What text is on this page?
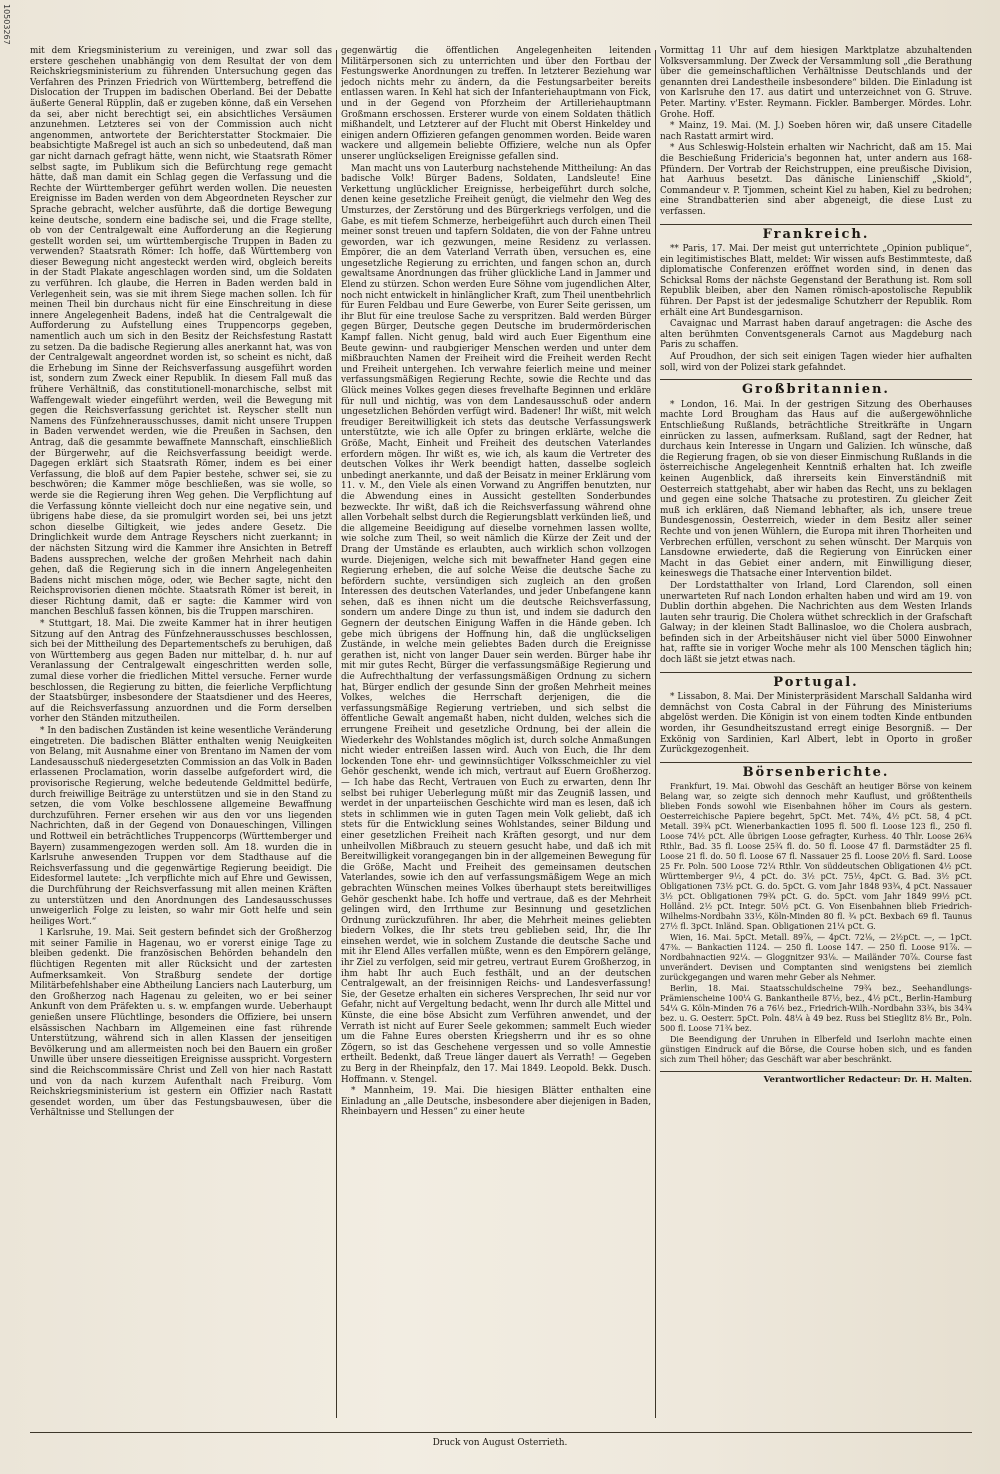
10503267

mit dem Kriegsministerium zu vereinigen, und zwar soll das erstere geschehen unabhängig von dem Resultat der von dem Reichskriegsministerium zu führenden Untersuchung gegen das Verfahren des Prinzen Friedrich von Württemberg, betreffend die Dislocation der Truppen im badischen Oberland. Bei der Debatte äußerte General Rüpplin, daß er zugeben könne, daß ein Versehen da sei, aber nicht berechtigt sei, ein absichtliches Versäumen anzunehmen. Letzteres sei von der Commission auch nicht angenommen, antwortete der Berichterstatter Stockmaier. Die beabsichtigte Maßregel ist auch an sich so unbedeutend, daß man gar nicht darnach gefragt hätte, wenn nicht, wie Staatsrath Römer selbst sagte, im Publikum sich die Befürchtung rege gemacht hätte, daß man damit ein Schlag gegen die Verfassung und die Rechte der Württemberger geführt werden wollen. Die neuesten Ereignisse im Baden werden von dem Abgeordneten Reyscher zur Sprache gebracht, welcher ausführte, daß die dortige Bewegung keine deutsche, sondern eine badische sei, und die Frage stellte, ob von der Centralgewalt eine Aufforderung an die Regierung gestellt worden sei, um württembergische Truppen in Baden zu verwenden? Staatsrath Römer: Ich hoffe, daß Württemberg von dieser Bewegung nicht angesteckt werden wird, obgleich bereits in der Stadt Plakate angeschlagen worden sind, um die Soldaten zu verführen. Ich glaube, die Herren in Baden werden bald in Verlegenheit sein, was sie mit ihrem Siege machen sollen. Ich für meinen Theil bin durchaus nicht für eine Einschreitung in diese innere Angelegenheit Badens, indeß hat die Centralgewalt die Aufforderung zu Aufstellung eines Truppencorps gegeben, namentlich auch um sich in den Besitz der Reichsfestung Rastatt zu setzen. Da die badische Regierung alles anerkannt hat, was von der Centralgewalt angeordnet worden ist, so scheint es nicht, daß die Erhebung im Sinne der Reichsverfassung ausgeführt worden ist, sondern zum Zweck einer Republik. In diesem Fall muß das frühere Verhältniß, das constitutionell-monarchische, selbst mit Waffengewalt wieder eingeführt werden, weil die Bewegung mit gegen die Reichsverfassung gerichtet ist. Reyscher stellt nun Namens des Fünfzehnerausschusses, damit nicht unsere Truppen in Baden verwendet werden, wie die Preußen in Sachsen, den Antrag, daß die gesammte bewaffnete Mannschaft, einschließlich der Bürgerwehr, auf die Reichsverfassung beeidigt werde. Dagegen erklärt sich Staatsrath Römer, indem es bei einer Verfassung, die bloß auf dem Papier bestehe, schwer sei, sie zu beschwören; die Kammer möge beschließen, was sie wolle, so werde sie die Regierung ihren Weg gehen. Die Verpflichtung auf die Verfassung könnte vielleicht doch nur eine negative sein, und übrigens habe diese, da sie promulgirt worden sei, bei uns jetzt schon dieselbe Giltigkeit, wie jedes andere Gesetz. Die Dringlichkeit wurde dem Antrage Reyschers nicht zuerkannt; in der nächsten Sitzung wird die Kammer ihre Ansichten in Betreff Badens aussprechen, welche der großen Mehrheit nach dahin gehen, daß die Regierung sich in die innern Angelegenheiten Badens nicht mischen möge, oder, wie Becher sagte, nicht den Reichsprovisorien dienen möchte. Staatsrath Römer ist bereit, in dieser Richtung damit, daß er sagte: die Kammer wird von manchen Beschluß fassen können, bis die Truppen marschiren.

* Stuttgart, 18. Mai. Die zweite Kammer hat in ihrer heutigen Sitzung auf den Antrag des Fünfzehnerausschusses beschlossen, sich bei der Mittheilung des Departementschefs zu beruhigen, daß von Württemberg aus gegen Baden nur mittelbar, d. h. nur auf Veranlassung der Centralgewalt eingeschritten werden solle, zumal diese vorher die friedlichen Mittel versuche. Ferner wurde beschlossen, die Regierung zu bitten, die feierliche Verpflichtung der Staatsbürger, insbesondere der Staatsdiener und des Heeres, auf die Reichsverfassung anzuordnen und die Form derselben vorher den Ständen mitzutheilen.

* In den badischen Zuständen ist keine wesentliche Veränderung eingetreten. Die badischen Blätter enthalten wenig Neuigkeiten von Belang, mit Ausnahme einer von Brentano im Namen der vom Landesausschuß niedergesetzten Commission an das Volk in Baden erlassenen Proclamation, worin dasselbe aufgefordert wird, die provisorische Regierung, welche bedeutende Geldmittel bedürfe, durch freiwillige Beiträge zu unterstützen und sie in den Stand zu setzen, die vom Volke beschlossene allgemeine Bewaffnung durchzuführen. Ferner ersehen wir aus den vor uns liegenden Nachrichten, daß in der Gegend von Donaueschingen, Villingen und Rottweil ein beträchtliches Truppencorps (Württemberger und Bayern) zusammengezogen werden soll. Am 18. wurden die in Karlsruhe anwesenden Truppen vor dem Stadthause auf die Reichsverfassung und die gegenwärtige Regierung beeidigt. Die Eidesformel lautete: „Ich verpflichte mich auf Ehre und Gewissen, die Durchführung der Reichsverfassung mit allen meinen Kräften zu unterstützen und den Anordnungen des Landesausschusses unweigerlich Folge zu leisten, so wahr mir Gott helfe und sein heiliges Wort.“

l Karlsruhe, 19. Mai. Seit gestern befindet sich der Großherzog mit seiner Familie in Hagenau, wo er vorerst einige Tage zu bleiben gedenkt. Die französischen Behörden behandeln den flüchtigen Regenten mit aller Rücksicht und der zartesten Aufmerksamkeit. Von Straßburg sendete der dortige Militärbefehlshaber eine Abtheilung Lanciers nach Lauterburg, um den Großherzog nach Hagenau zu geleiten, wo er bei seiner Ankunft von dem Präfekten u. s. w. empfangen wurde. Ueberhaupt genießen unsere Flüchtlinge, besonders die Offiziere, bei unsern elsässischen Nachbarn im Allgemeinen eine fast rührende Unterstützung, während sich in allen Klassen der jenseitigen Bevölkerung und am allermeisten noch bei den Bauern ein großer Unwille über unsere diesseitigen Ereignisse ausspricht. Vorgestern sind die Reichscommissäre Christ und Zell von hier nach Rastatt und von da nach kurzem Aufenthalt nach Freiburg. Vom Reichskriegsministerium ist gestern ein Offizier nach Rastatt gesendet worden, um über das Festungsbauwesen, über die Verhältnisse und Stellungen der

gegenwärtig die öffentlichen Angelegenheiten leitenden Militärpersonen sich zu unterrichten und über den Fortbau der Festungswerke Anordnungen zu treffen. In letzterer Beziehung war jedoch nichts mehr zu ändern, da die Festungsarbeiter bereits entlassen waren. In Kehl hat sich der Infanteriehauptmann von Fick, und in der Gegend von Pforzheim der Artilleriehauptmann Großmann erschossen. Ersterer wurde von einem Soldaten thätlich mißhandelt, und Letzterer auf der Flucht mit Oberst Hinkeldey und einigen andern Offizieren gefangen genommen worden. Beide waren wackere und allgemein beliebte Offiziere, welche nun als Opfer unserer unglückseligen Ereignisse gefallen sind.

Man macht uns von Lauterburg nachstehende Mittheilung: An das badische Volk! Bürger Badens, Soldaten, Landsleute! Eine Verkettung unglücklicher Ereignisse, herbeigeführt durch solche, denen keine gesetzliche Freiheit genügt, die vielmehr den Weg des Umsturzes, der Zerstörung und des Bürgerkriegs verfolgen, und die Gabe, es mit tiefem Schmerze, herbeigeführt auch durch einen Theil meiner sonst treuen und tapfern Soldaten, die von der Fahne untreu geworden, war ich gezwungen, meine Residenz zu verlassen. Empörer, die an dem Vaterland Verrath üben, versuchen es, eine ungesetzliche Regierung zu errichten, und fangen schon an, durch gewaltsame Anordnungen das früher glückliche Land in Jammer und Elend zu stürzen. Schon werden Eure Söhne vom jugendlichen Alter, noch nicht entwickelt in hinlänglicher Kraft, zum Theil unentbehrlich für Euren Feldbau und Eure Gewerbe, von Eurer Seite gerissen, um ihr Blut für eine treulose Sache zu verspritzen. Bald werden Bürger gegen Bürger, Deutsche gegen Deutsche im brudermörderischen Kampf fallen. Nicht genug, bald wird auch Euer Eigenthum eine Beute gewinn- und raubgieriger Menschen werden und unter dem mißbrauchten Namen der Freiheit wird die Freiheit werden Recht und Freiheit untergehen. Ich verwahre feierlich meine und meiner verfassungsmäßigen Regierung Rechte, sowie die Rechte und das Glück meines Volkes gegen dieses frevelhafte Beginnen und erkläre für null und nichtig, was von dem Landesausschuß oder andern ungesetzlichen Behörden verfügt wird. Badener! Ihr wißt, mit welch freudiger Bereitwilligkeit ich stets das deutsche Verfassungswerk unterstützte, wie ich alle Opfer zu bringen erklärte, welche die Größe, Macht, Einheit und Freiheit des deutschen Vaterlandes erfordern mögen. Ihr wißt es, wie ich, als kaum die Vertreter des deutschen Volkes ihr Werk beendigt hatten, dasselbe sogleich unbedingt anerkannte, und daß der Beisatz in meiner Erklärung vom 11. v. M., den Viele als einen Vorwand zu Angriffen benutzten, nur die Abwendung eines in Aussicht gestellten Sonderbundes bezweckte. Ihr wißt, daß ich die Reichsverfassung während ohne allen Vorbehalt selbst durch die Regierungsblatt verkünden ließ, und die allgemeine Beeidigung auf dieselbe vornehmen lassen wollte, wie solche zum Theil, so weit nämlich die Kürze der Zeit und der Drang der Umstände es erlaubten, auch wirklich schon vollzogen wurde. Diejenigen, welche sich mit bewaffneter Hand gegen eine Regierung erheben, die auf solche Weise die deutsche Sache zu befördern suchte, versündigen sich zugleich an den großen Interessen des deutschen Vaterlandes, und jeder Unbefangene kann sehen, daß es ihnen nicht um die deutsche Reichsverfassung, sondern um andere Dinge zu thun ist, und indem sie dadurch den Gegnern der deutschen Einigung Waffen in die Hände geben. Ich gebe mich übrigens der Hoffnung hin, daß die unglückseligen Zustände, in welche mein geliebtes Baden durch die Ereignisse gerathen ist, nicht von langer Dauer sein werden. Bürger habe ihr mit mir gutes Recht, Bürger die verfassungsmäßige Regierung und die Aufrechthaltung der verfassungsmäßigen Ordnung zu sichern hat, Bürger endlich der gesunde Sinn der großen Mehrheit meines Volkes, welches die Herrschaft derjenigen, die die verfassungsmäßige Regierung vertrieben, und sich selbst die öffentliche Gewalt angemaßt haben, nicht dulden, welches sich die errungene Freiheit und gesetzliche Ordnung, bei der allein die Wiederkehr des Wohlstandes möglich ist, durch solche Anmaßungen nicht wieder entreißen lassen wird. Auch von Euch, die Ihr dem lockenden Tone ehr- und gewinnsüchtiger Volksschmeichler zu viel Gehör geschenkt, wende ich mich, vertraut auf Euern Großherzog. — Ich habe das Recht, Vertrauen von Euch zu erwarten, denn Ihr selbst bei ruhiger Ueberlegung müßt mir das Zeugniß lassen, und werdet in der unparteiischen Geschichte wird man es lesen, daß ich stets in schlimmen wie in guten Tagen mein Volk geliebt, daß ich stets für die Entwicklung seines Wohlstandes, seiner Bildung und einer gesetzlichen Freiheit nach Kräften gesorgt, und nur dem unheilvollen Mißbrauch zu steuern gesucht habe, und daß ich mit Bereitwilligkeit vorangegangen bin in der allgemeinen Bewegung für die Größe, Macht und Freiheit des gemeinsamen deutschen Vaterlandes, sowie ich den auf verfassungsmäßigem Wege an mich gebrachten Wünschen meines Volkes überhaupt stets bereitwilliges Gehör geschenkt habe. Ich hoffe und vertraue, daß es der Mehrheit gelingen wird, den Irrthume zur Besinnung und gesetzlichen Ordnung zurückzuführen. Ihr aber, die Mehrheit meines geliebten biedern Volkes, die Ihr stets treu geblieben seid, Ihr, die Ihr einsehen werdet, wie in solchem Zustande die deutsche Sache und mit ihr Elend Alles verfallen müßte, wenn es den Empörern gelänge, ihr Ziel zu verfolgen, seid mir getreu, vertraut Eurem Großherzog, in ihm habt Ihr auch Euch festhält, und an der deutschen Centralgewalt, an der freisinnigen Reichs- und Landesverfassung! Sie, der Gesetze erhalten ein sicheres Versprechen, Ihr seid nur vor Gefahr, nicht auf Vergeltung bedacht, wenn Ihr durch alle Mittel und Künste, die eine böse Absicht zum Verführen anwendet, und der Verrath ist nicht auf Eurer Seele gekommen; sammelt Euch wieder um die Fahne Eures obersten Kriegsherrn und ihr es so ohne Zögern, so ist das Geschehene vergessen und so volle Amnestie ertheilt. Bedenkt, daß Treue länger dauert als Verrath! — Gegeben zu Berg in der Rheinpfalz, den 17. Mai 1849. Leopold. Bekk. Dusch. Hoffmann. v. Stengel.

* Mannheim, 19. Mai. Die hiesigen Blätter enthalten eine Einladung an „alle Deutsche, insbesondere aber diejenigen in Baden, Rheinbayern und Hessen“ zu einer heute

Vormittag 11 Uhr auf dem hiesigen Marktplatze abzuhaltenden Volksversammlung. Der Zweck der Versammlung soll „die Berathung über die gemeinschaftlichen Verhältnisse Deutschlands und der genannten drei Landestheile insbesondere“ bilden. Die Einladung ist von Karlsruhe den 17. aus datirt und unterzeichnet von G. Struve. Peter. Martiny. v'Ester. Reymann. Fickler. Bamberger. Mördes. Lohr. Grohe. Hoff.

* Mainz, 19. Mai. (M. J.) Soeben hören wir, daß unsere Citadelle nach Rastatt armirt wird.

* Aus Schleswig-Holstein erhalten wir Nachricht, daß am 15. Mai die Beschießung Fridericia's begonnen hat, unter andern aus 168-Pfündern. Der Vortrab der Reichstruppen, eine preußische Division, hat Aarhuus besetzt. Das dänische Linienschiff „Skiold“, Commandeur v. P. Tjommen, scheint Kiel zu haben, Kiel zu bedrohen; eine Strandbatterien sind aber abgeneigt, die diese Lust zu verfassen.

Frankreich.

** Paris, 17. Mai. Der meist gut unterrichtete „Opinion publique“, ein legitimistisches Blatt, meldet: Wir wissen aufs Bestimmteste, daß diplomatische Conferenzen eröffnet worden sind, in denen das Schicksal Roms der nächste Gegenstand der Berathung ist. Rom soll Republik bleiben, aber den Namen römisch-apostolische Republik führen. Der Papst ist der jedesmalige Schutzherr der Republik. Rom erhält eine Art Bundesgarnison.

Cavaignac und Marrast haben darauf angetragen: die Asche des alten berühmten Conventsgenerals Carnot aus Magdeburg nach Paris zu schaffen.

Auf Proudhon, der sich seit einigen Tagen wieder hier aufhalten soll, wird von der Polizei stark gefahndet.

Großbritannien.

* London, 16. Mai. In der gestrigen Sitzung des Oberhauses machte Lord Brougham das Haus auf die außergewöhnliche Entschließung Rußlands, beträchtliche Streitkräfte in Ungarn einrücken zu lassen, aufmerksam. Rußland, sagt der Redner, hat durchaus kein Interesse in Ungarn und Galizien. Ich wünsche, daß die Regierung fragen, ob sie von dieser Einmischung Rußlands in die österreichische Angelegenheit Kenntniß erhalten hat. Ich zweifle keinen Augenblick, daß ihrerseits kein Einverständniß mit Oesterreich stattgehabt, aber wir haben das Recht, uns zu beklagen und gegen eine solche Thatsache zu protestiren. Zu gleicher Zeit muß ich erklären, daß Niemand lebhafter, als ich, unsere treue Bundesgenossin, Oesterreich, wieder in dem Besitz aller seiner Rechte und von jenen Wühlern, die Europa mit ihren Thorheiten und Verbrechen erfüllen, verschont zu sehen wünscht. Der Marquis von Lansdowne erwiederte, daß die Regierung von Einrücken einer Macht in das Gebiet einer andern, mit Einwilligung dieser, keineswegs die Thatsache einer Intervention bildet.

Der Lordstatthalter von Irland, Lord Clarendon, soll einen unerwarteten Ruf nach London erhalten haben und wird am 19. von Dublin dorthin abgehen. Die Nachrichten aus dem Westen Irlands lauten sehr traurig. Die Cholera wüthet schrecklich in der Grafschaft Galway; in der kleinen Stadt Ballinasloe, wo die Cholera ausbrach, befinden sich in der Arbeitshäuser nicht viel über 5000 Einwohner hat, raffte sie in voriger Woche mehr als 100 Menschen täglich hin; doch läßt sie jetzt etwas nach.

Portugal.

* Lissabon, 8. Mai. Der Ministerpräsident Marschall Saldanha wird demnächst von Costa Cabral in der Führung des Ministeriums abgelöst werden. Die Königin ist von einem todten Kinde entbunden worden, ihr Gesundheitszustand erregt einige Besorgniß. — Der Exkönig von Sardinien, Karl Albert, lebt in Oporto in großer Zurückgezogenheit.

Börsenberichte.

Frankfurt, 19. Mai. Obwohl das Geschäft an heutiger Börse von keinem Belang war, so zeigte sich dennoch mehr Kauflust, und größtentheils blieben Fonds sowohl wie Eisenbahnen höher im Cours als gestern. Oesterreichische Papiere begehrt, 5pCt. Met. 74⅜, 4½ pCt. 58, 4 pCt. Metall. 39¾ pCt. Wienerbankactien 1095 fl. 500 fl. Loose 123 fl., 250 fl. Loose 74½ pCt. Alle übrigen Loose gefragter, Kurhess. 40 Thlr. Loose 26¾ Rthlr., Bad. 35 fl. Loose 25¾ fl. do. 50 fl. Loose 47 fl. Darmstädter 25 fl. Loose 21 fl. do. 50 fl. Loose 67 fl. Nassauer 25 fl. Loose 20½ fl. Sard. Loose 25 Fr. Poln. 500 Loose 72¼ Rthlr. Von süddeutschen Obligationen 4½ pCt. Württemberger 9½, 4 pCt. do. 3½ pCt. 75½, 4pCt. G. Bad. 3½ pCt. Obligationen 73½ pCt. G. do. 5pCt. G. vom Jahr 1848 93¾, 4 pCt. Nassauer 3½ pCt. Obligationen 79¾ pCt. G. do. 5pCt. vom Jahr 1849 99½ pCt. Holländ. 2½ pCt. Integr. 50½ pCt. G. Von Eisenbahnen blieb Friedrich-Wilhelms-Nordbahn 33½, Köln-Minden 80 fl. ¾ pCt. Bexbach 69 fl. Taunus 27½ fl. 3pCt. Inländ. Span. Obligationen 21¼ pCt. G.

Wien, 16. Mai. 5pCt. Metall. 89⅞, — 4pCt. 72⅛, — 2½pCt. —, — 1pCt. 47⅜. — Bankactien 1124. — 250 fl. Loose 147. — 250 fl. Loose 91⅞. — Nordbahnactien 92¼. — Gloggnitzer 93⅛. — Mailänder 70⅞. Course fast unverändert. Devisen und Comptanten sind wenigstens bei ziemlich zurückgegangen und waren mehr Geber als Nehmer.

Berlin, 18. Mai. Staatsschuldscheine 79¾ bez., Seehandlungs-Prämienscheine 100¼ G. Bankantheile 87½, bez., 4½ pCt., Berlin-Hamburg 54¼ G. Köln-Minden 76 a 76½ bez., Friedrich-Wilh.-Nordbahn 33¾, bis 34¾ bez. u. G. Oesterr. 5pCt. Poln. 48¼ à 49 bez. Russ bei Stieglitz 8½ Br., Poln. 500 fl. Loose 71¾ bez.

Die Beendigung der Unruhen in Elberfeld und Iserlohn machte einen günstigen Eindruck auf die Börse, die Course hoben sich, und es fanden sich zum Theil höher; das Geschäft war aber beschränkt.

Verantwortlicher Redacteur: Dr. H. Malten.
Druck von August Osterrieth.
